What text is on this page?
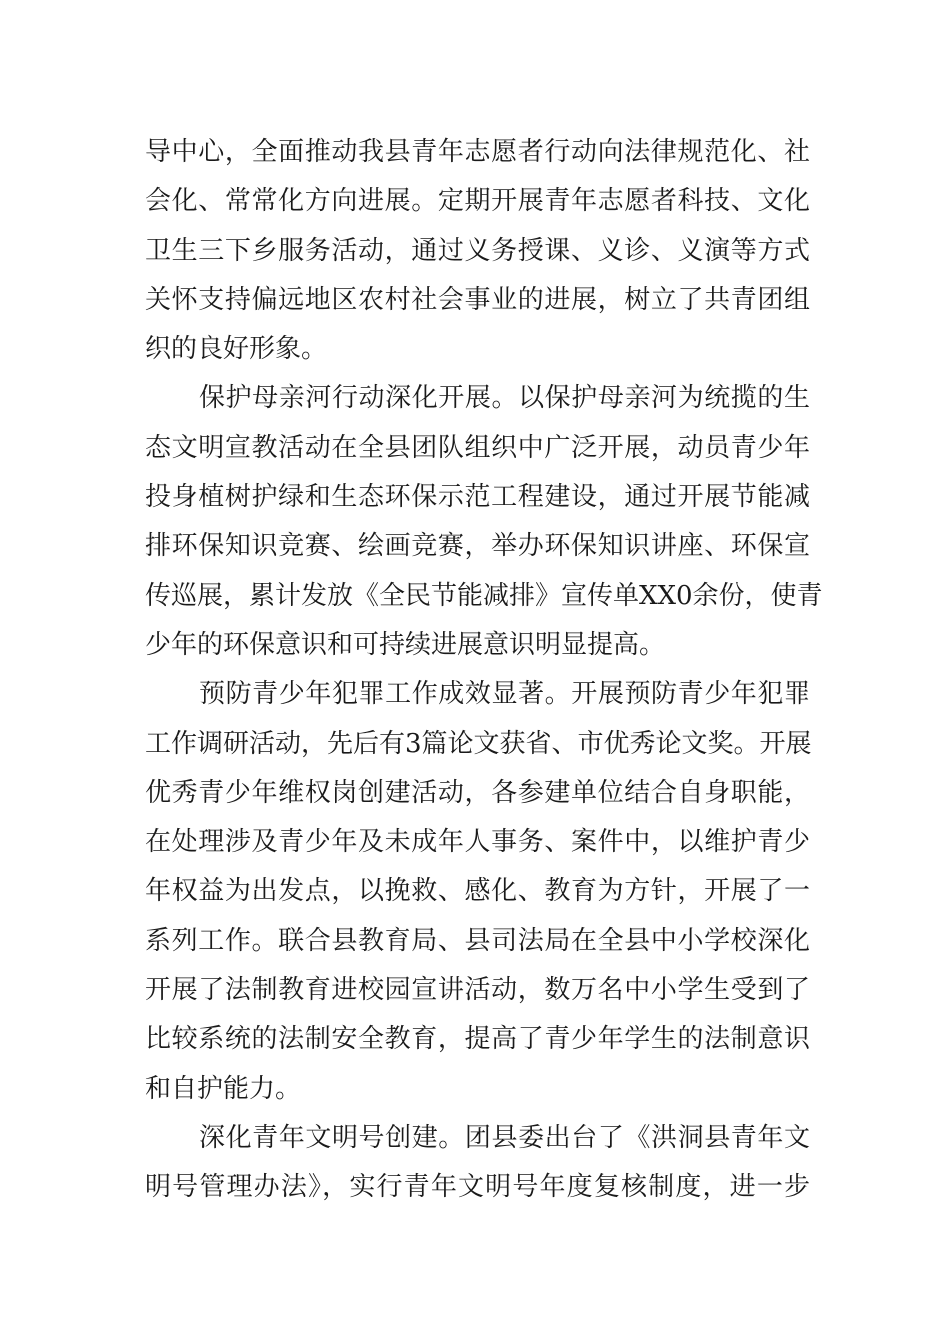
导中心，全面推动我县青年志愿者行动向法律规范化、社
会化、常常化方向进展。定期开展青年志愿者科技、文化
卫生三下乡服务活动，通过义务授课、义诊、义演等方式
关怀支持偏远地区农村社会事业的进展，树立了共青团组
织的良好形象。
保护母亲河行动深化开展。以保护母亲河为统揽的生
态文明宣教活动在全县团队组织中广泛开展，动员青少年
投身植树护绿和生态环保示范工程建设，通过开展节能减
排环保知识竞赛、绘画竞赛，举办环保知识讲座、环保宣
传巡展，累计发放《全民节能减排》宣传单XX0余份，使青
少年的环保意识和可持续进展意识明显提高。
预防青少年犯罪工作成效显著。开展预防青少年犯罪
工作调研活动，先后有3篇论文获省、市优秀论文奖。开展
优秀青少年维权岗创建活动，各参建单位结合自身职能，
在处理涉及青少年及未成年人事务、案件中，以维护青少
年权益为出发点，以挽救、感化、教育为方针，开展了一
系列工作。联合县教育局、县司法局在全县中小学校深化
开展了法制教育进校园宣讲活动，数万名中小学生受到了
比较系统的法制安全教育，提高了青少年学生的法制意识
和自护能力。
深化青年文明号创建。团县委出台了《洪洞县青年文
明号管理办法》，实行青年文明号年度复核制度，进一步
